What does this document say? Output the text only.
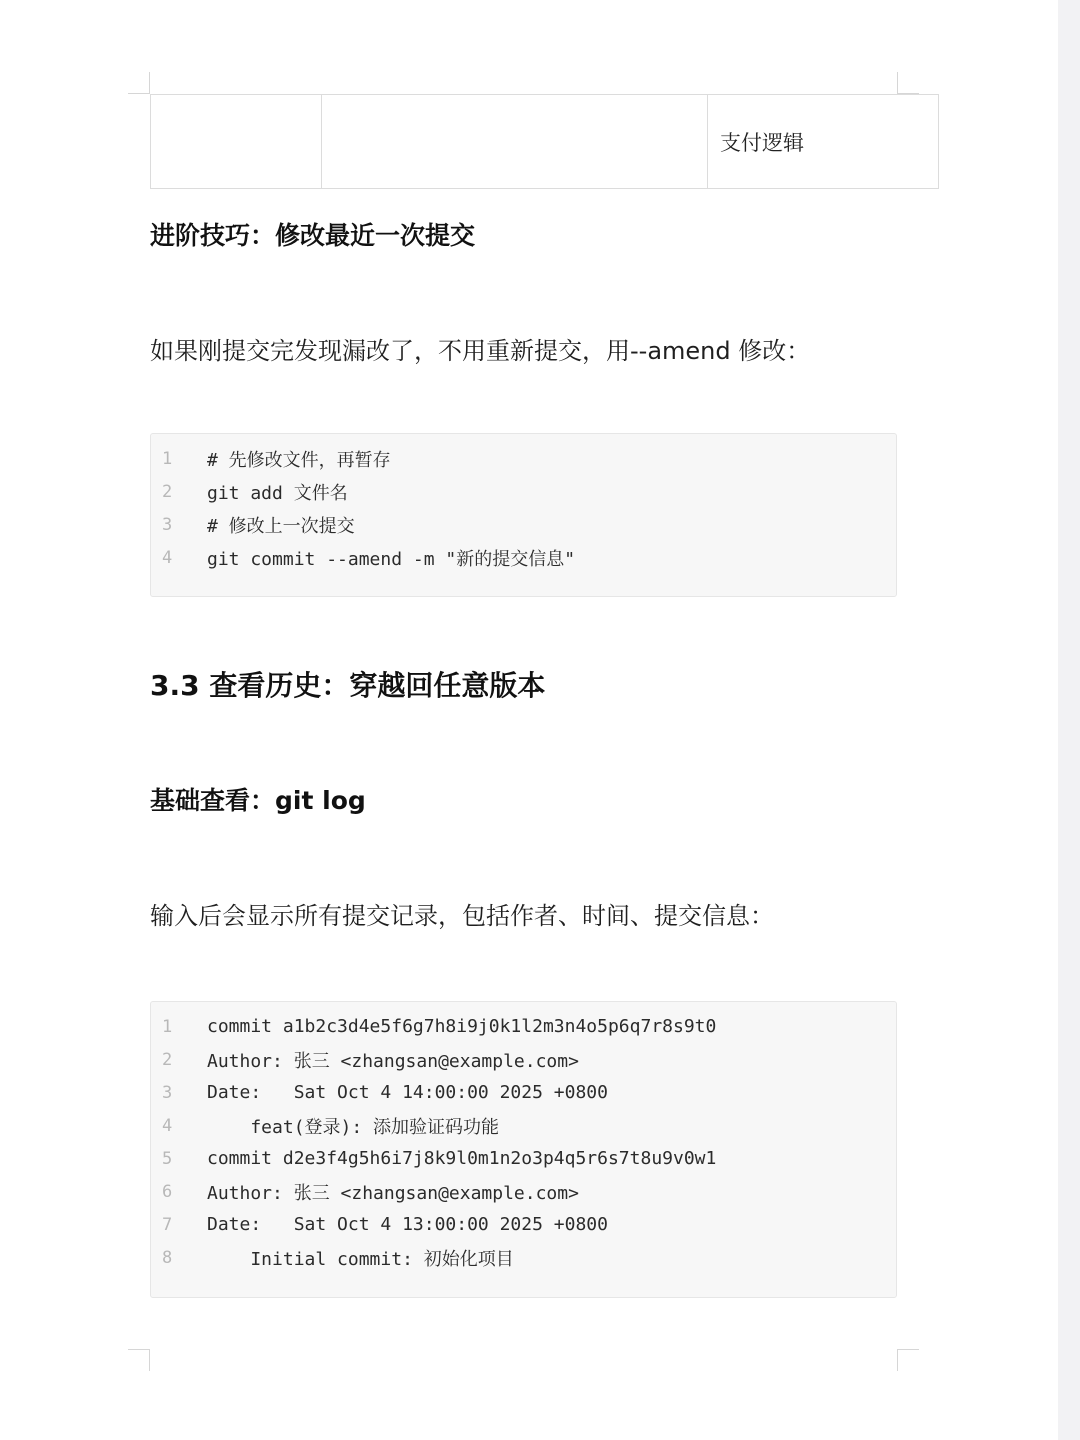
支付逻辑
进阶技巧：修改最近一次提交
如果刚提交完发现漏改了，不用重新提交，用--amend 修改：
1	# 先修改文件，再暂存
2	git add 文件名
3	# 修改上一次提交
4	git commit --amend -m "新的提交信息"
3.3 查看历史：穿越回任意版本
基础查看：git log
输入后会显示所有提交记录，包括作者、时间、提交信息：
1	commit a1b2c3d4e5f6g7h8i9j0k1l2m3n4o5p6q7r8s9t0
2	Author: 张三 <zhangsan@example.com>
3	Date:   Sat Oct 4 14:00:00 2025 +0800
4	feat(登录): 添加验证码功能
5	commit d2e3f4g5h6i7j8k9l0m1n2o3p4q5r6s7t8u9v0w1
6	Author: 张三 <zhangsan@example.com>
7	Date:   Sat Oct 4 13:00:00 2025 +0800
8	Initial commit: 初始化项目
